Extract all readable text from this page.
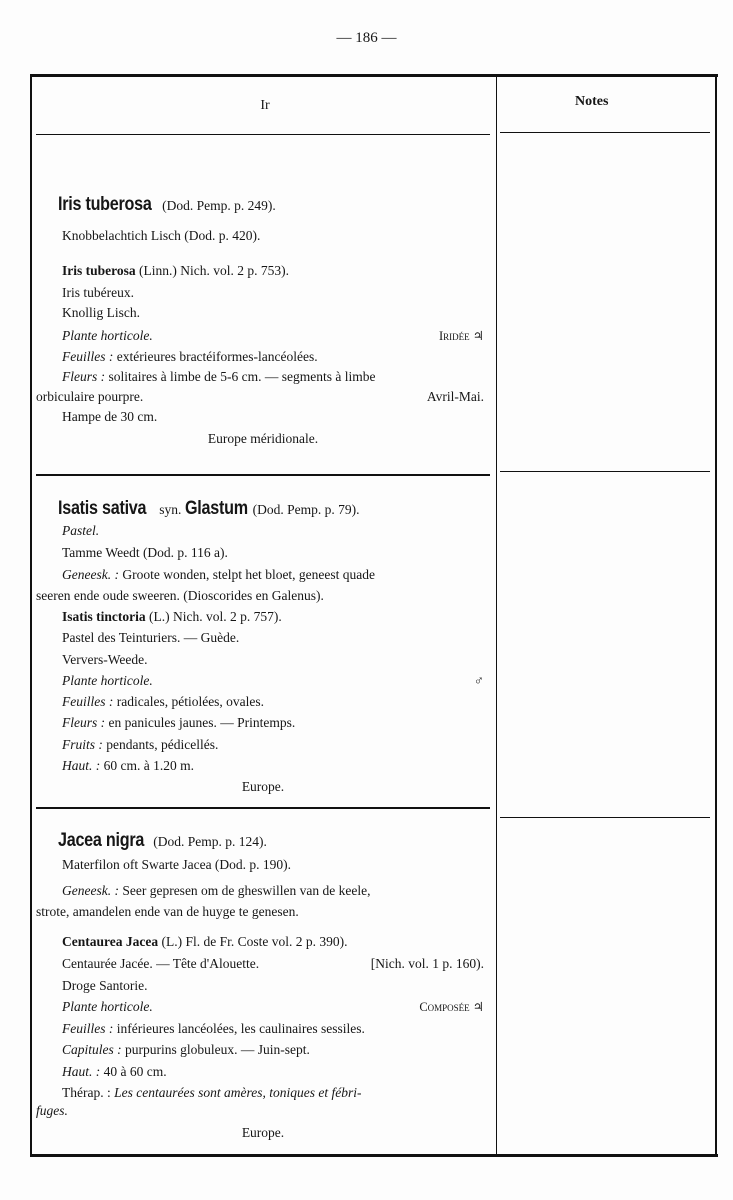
— 186 —
Ir	Notes
Iris tuberosa (Dod. Pemp. p. 249).
Knobbelachtich Lisch (Dod. p. 420).
Iris tuberosa (Linn.) Nich. vol. 2 p. 753).
Iris tubéreux.
Knollig Lisch.
Plante horticole.
Feuilles : extérieures bractéiformes-lancéolées.
Fleurs : solitaires à limbe de 5-6 cm. — segments à limbe
orbiculaire pourpre.
Hampe de 30 cm.
Iridée ♃
Avril-Mai.
Europe méridionale.
Isatis sativa syn. Glastum (Dod. Pemp. p. 79).
Pastel.
Tamme Weedt (Dod. p. 116 a).
Geneesk. : Groote wonden, stelpt het bloet, geneest quade
seeren ende oude sweeren. (Dioscorides en Galenus).
Isatis tinctoria (L.) Nich. vol. 2 p. 757).
Pastel des Teinturiers. — Guède.
Ververs-Weede.
Plante horticole.
Feuilles : radicales, pétiolées, ovales.
Fleurs : en panicules jaunes. — Printemps.
Fruits : pendants, pédicellés.
Haut. : 60 cm. à 1.20 m.
♂
Europe.
Jacea nigra (Dod. Pemp. p. 124).
Materfilon oft Swarte Jacea (Dod. p. 190).
Geneesk. : Seer gepresen om de gheswillen van de keele,
strote, amandelen ende van de huyge te genesen.
Centaurea Jacea (L.) Fl. de Fr. Coste vol. 2 p. 390).
Centaurée Jacée. — Tête d'Alouette.
Droge Santorie.
Plante horticole.
Feuilles : inférieures lancéolées, les caulinaires sessiles.
Capitules : purpurins globuleux. — Juin-sept.
Haut. : 40 à 60 cm.
Thérap. : Les centaurées sont amères, toniques et fébri-
fuges.
[Nich. vol. 1 p. 160).
Composée ♃
Europe.
